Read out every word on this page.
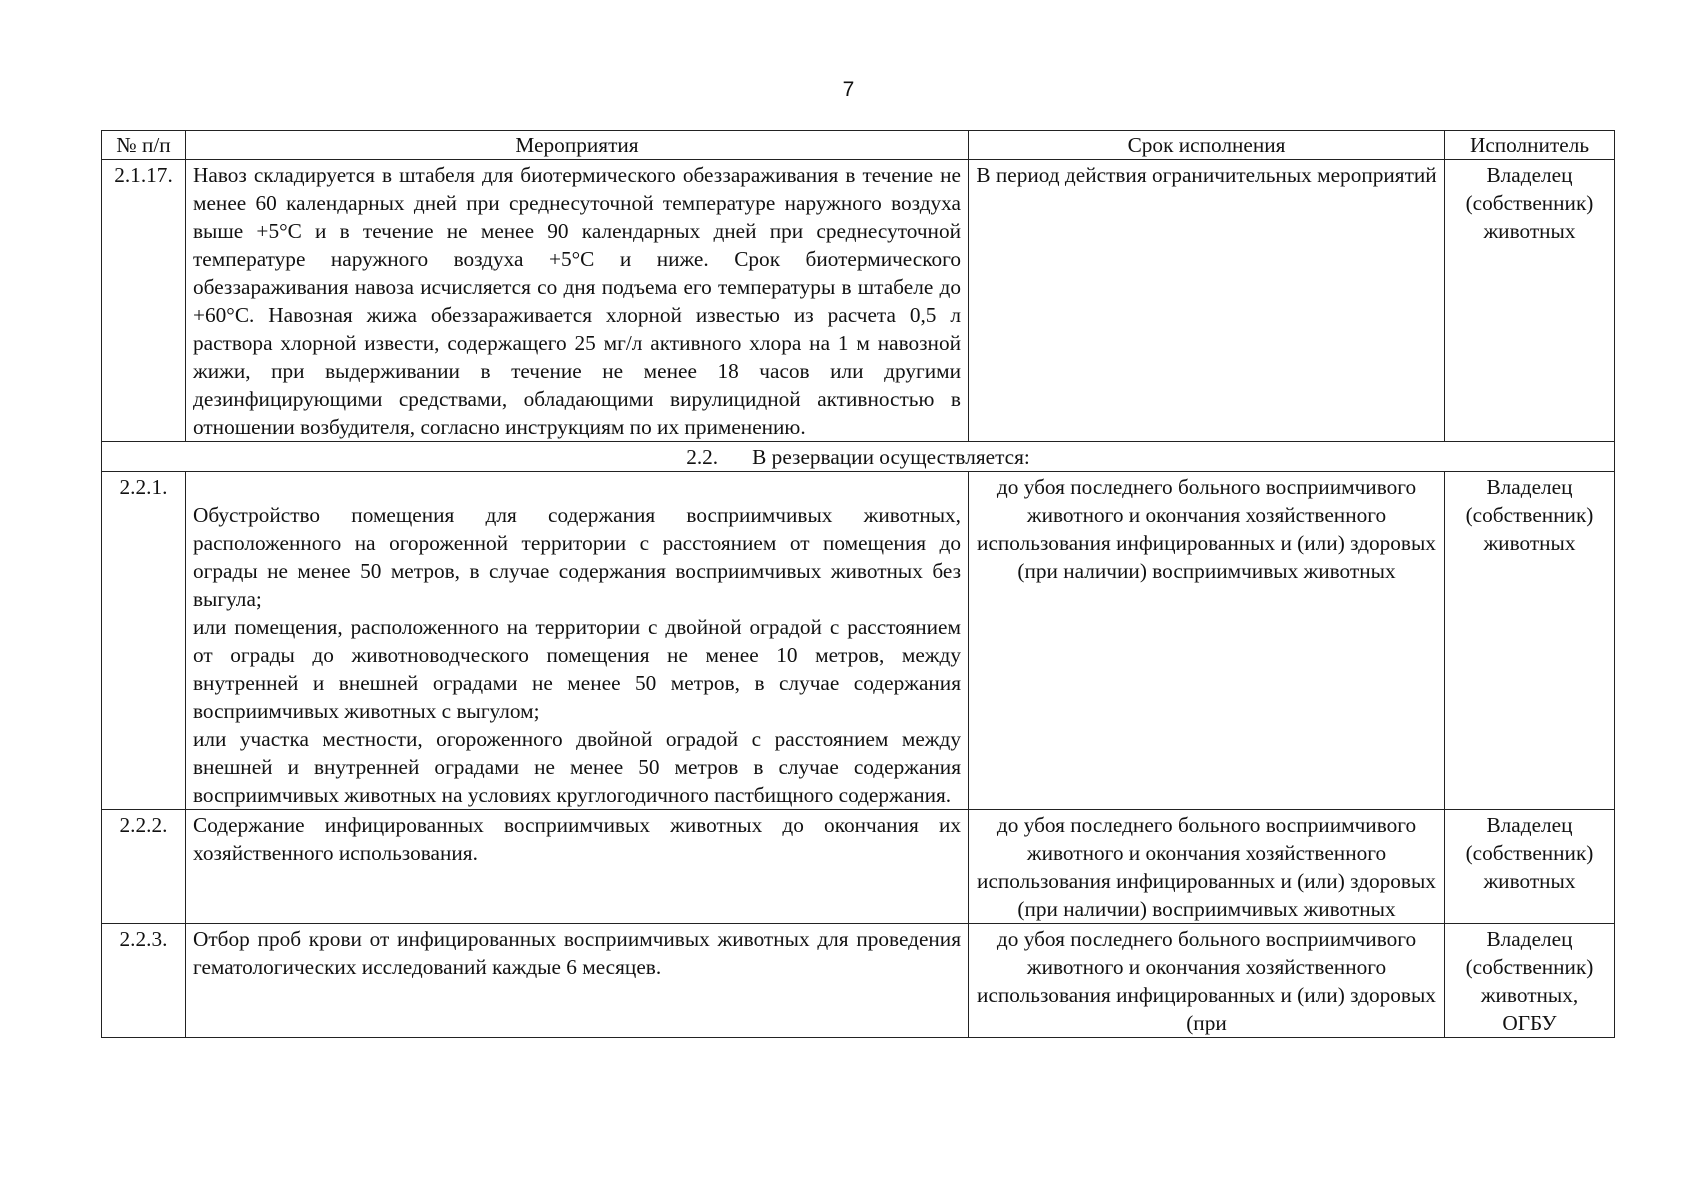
7
№ п/п	Мероприятия	Срок исполнения	Исполнитель
2.1.17.	Навоз складируется в штабеля для биотермического обеззараживания в течение не менее 60 календарных дней при среднесуточной температуре наружного воздуха выше +5°С и в течение не менее 90 календарных дней при среднесуточной температуре наружного воздуха +5°С и ниже. Срок биотермического обеззараживания навоза исчисляется со дня подъема его температуры в штабеле до +60°С. Навозная жижа обеззараживается хлорной известью из расчета 0,5 л раствора хлорной извести, содержащего 25 мг/л активного хлора на 1 м навозной жижи, при выдерживании в течение не менее 18 часов или другими дезинфицирующими средствами, обладающими вирулицидной активностью в отношении возбудителя, согласно инструкциям по их применению.	В период действия ограничительных мероприятий	Владелец (собственник) животных
2.2. В резервации осуществляется:			
2.2.1.	Обустройство помещения для содержания восприимчивых животных, расположенного на огороженной территории с расстоянием от помещения до ограды не менее 50 метров, в случае содержания восприимчивых животных без выгула;
или помещения, расположенного на территории с двойной оградой с расстоянием от ограды до животноводческого помещения не менее 10 метров, между внутренней и внешней оградами не менее 50 метров, в случае содержания восприимчивых животных с выгулом;
или участка местности, огороженного двойной оградой с расстоянием между внешней и внутренней оградами не менее 50 метров в случае содержания восприимчивых животных на условиях круглогодичного пастбищного содержания.	до убоя последнего больного восприимчивого животного и окончания хозяйственного использования инфицированных и (или) здоровых (при наличии) восприимчивых животных	Владелец (собственник) животных
2.2.2.	Содержание инфицированных восприимчивых животных до окончания их хозяйственного использования.	до убоя последнего больного восприимчивого животного и окончания хозяйственного использования инфицированных и (или) здоровых (при наличии) восприимчивых животных	Владелец (собственник) животных
2.2.3.	Отбор проб крови от инфицированных восприимчивых животных для проведения гематологических исследований каждые 6 месяцев.	до убоя последнего больного восприимчивого животного и окончания хозяйственного использования инфицированных и (или) здоровых (при	Владелец (собственник) животных, ОГБУ
